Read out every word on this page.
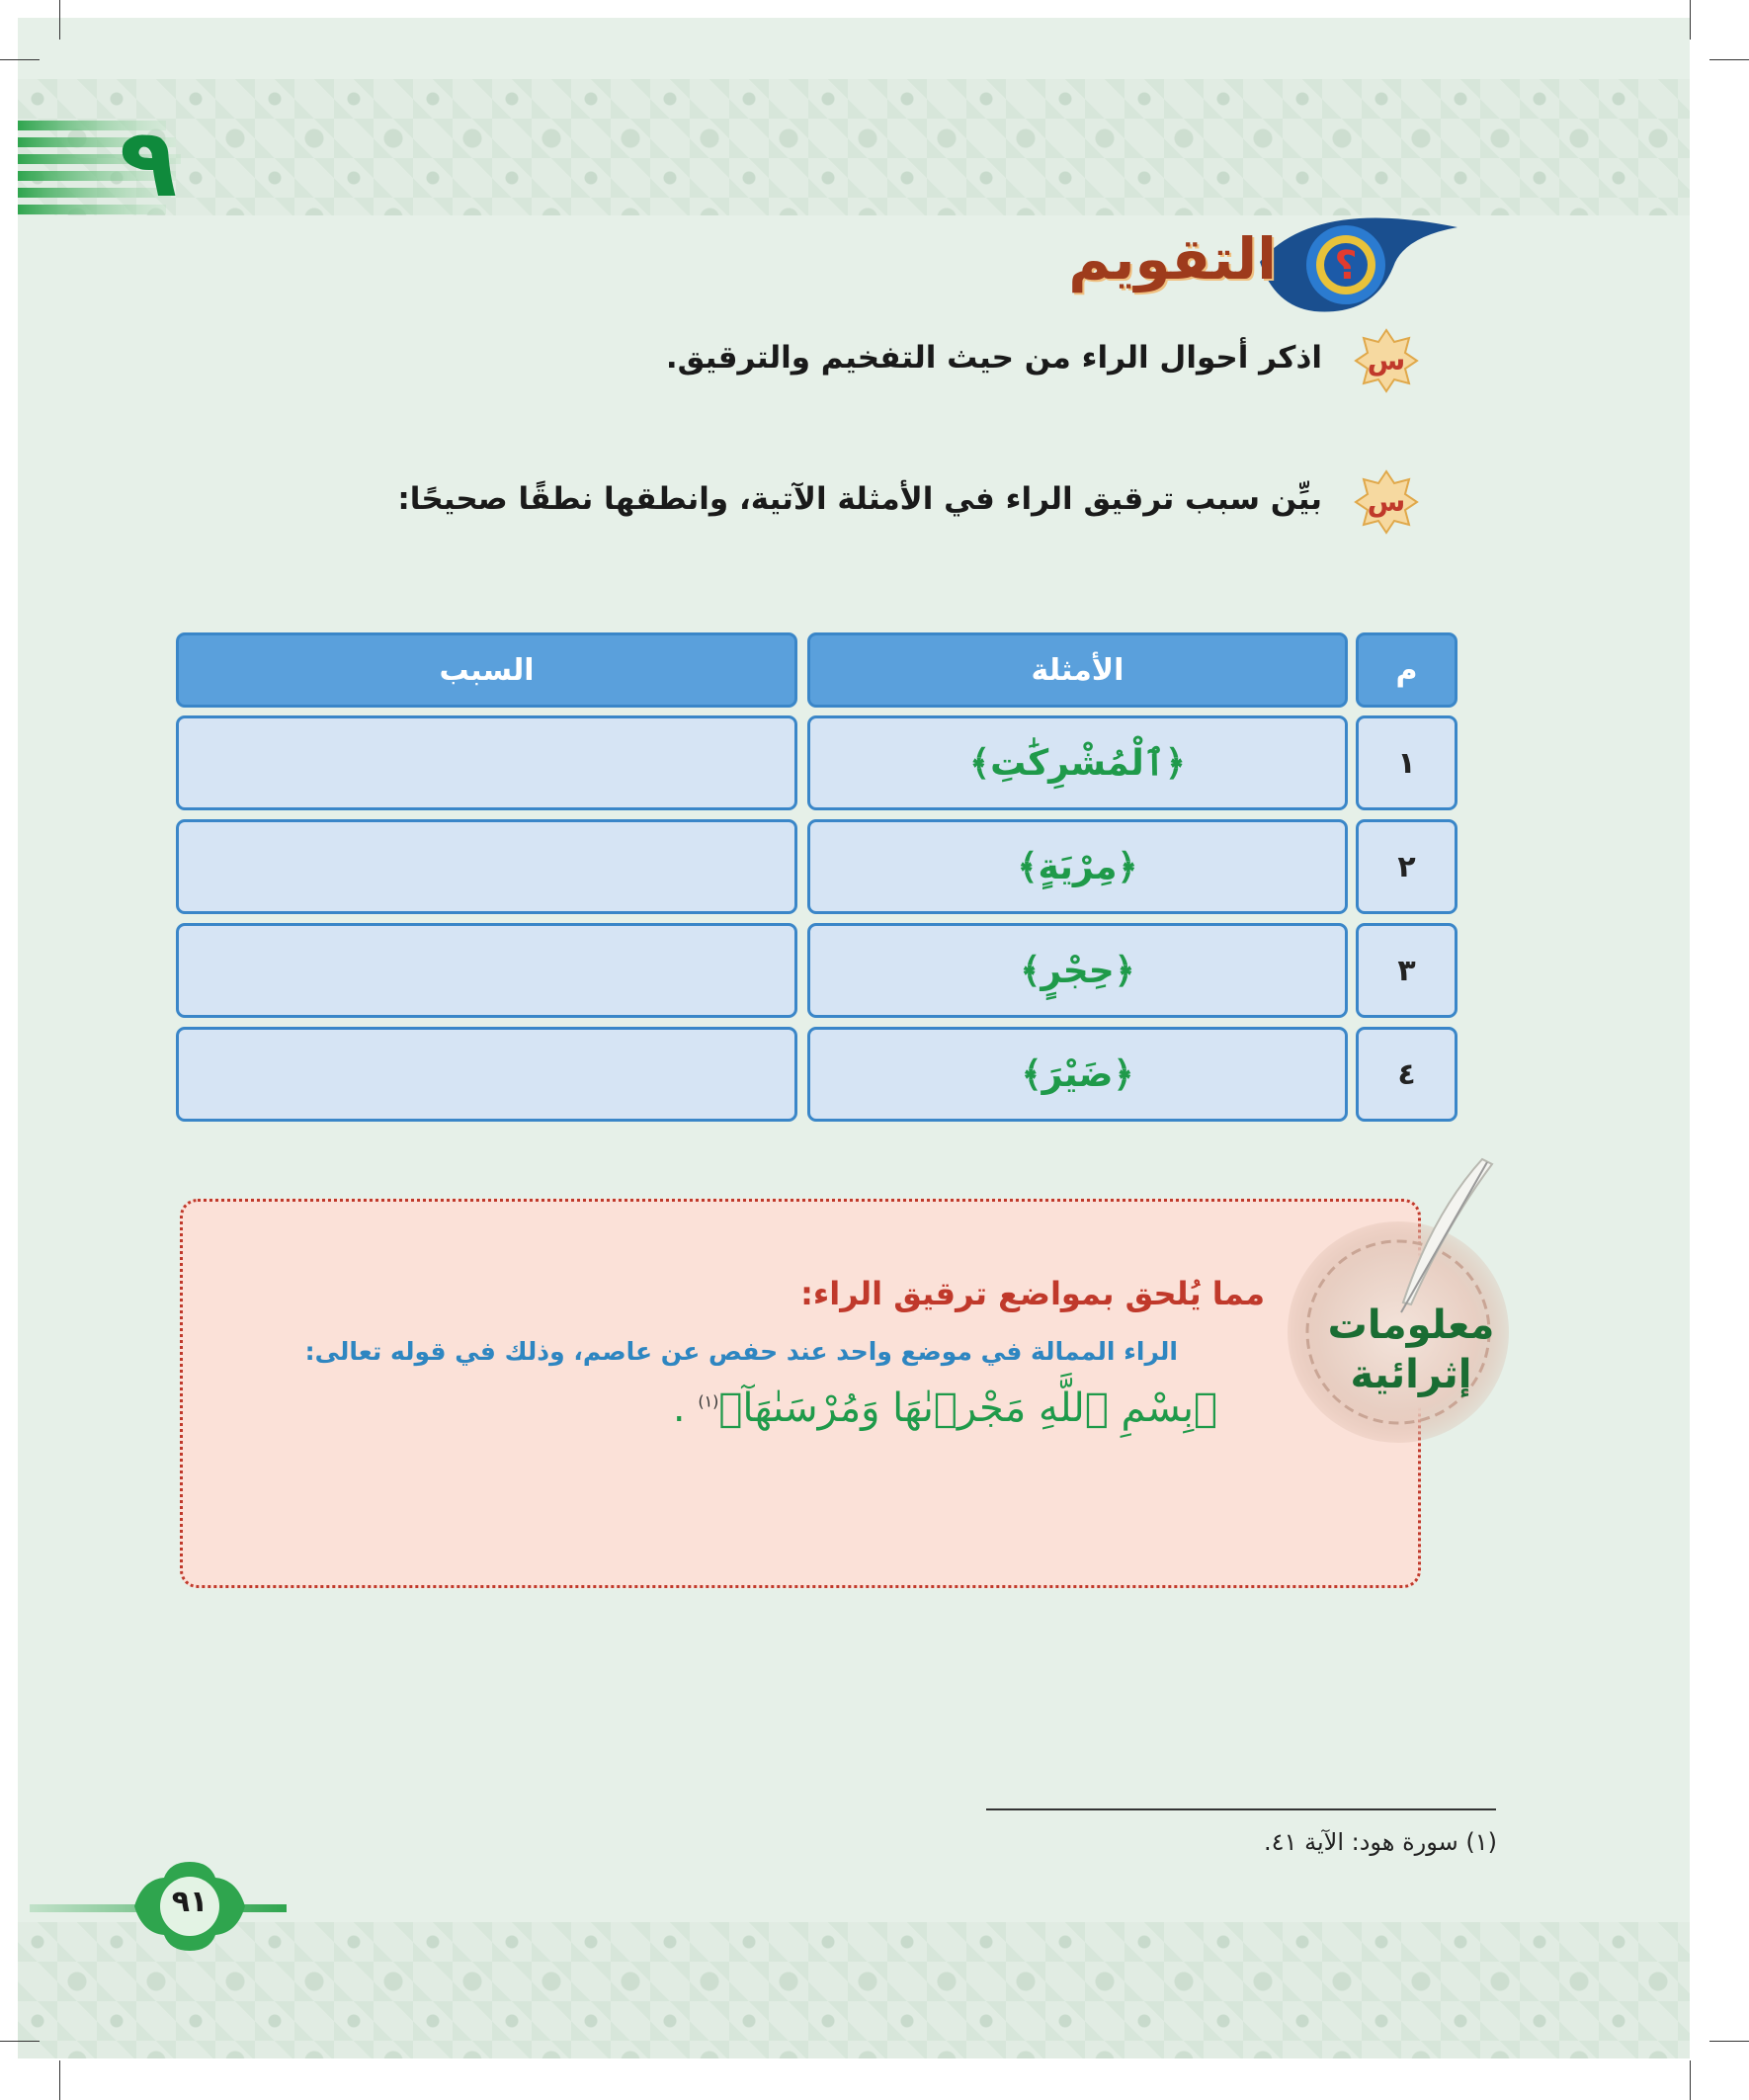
٩
؟
التقويم
س
اذكر أحوال الراء من حيث التفخيم والترقيق.
س
بيِّن سبب ترقيق الراء في الأمثلة الآتية، وانطقها نطقًا صحيحًا:
م
الأمثلة
السبب
١
﴿ٱلْمُشْرِكَٰتِ﴾
٢
﴿مِرْيَةٍ﴾
٣
﴿حِجْرٍ﴾
٤
﴿ضَيْرَ﴾
معلومات
إثرائية
مما يُلحق بمواضع ترقيق الراء:
الراء الممالة في موضع واحد عند حفص عن عاصم، وذلك في قوله تعالى:
﴿بِسْمِ ٱللَّهِ مَجْرٜىٰهَا وَمُرْسَىٰهَآ﴾$^{(١)}$ .
(١) سورة هود: الآية ٤١.
٩١
